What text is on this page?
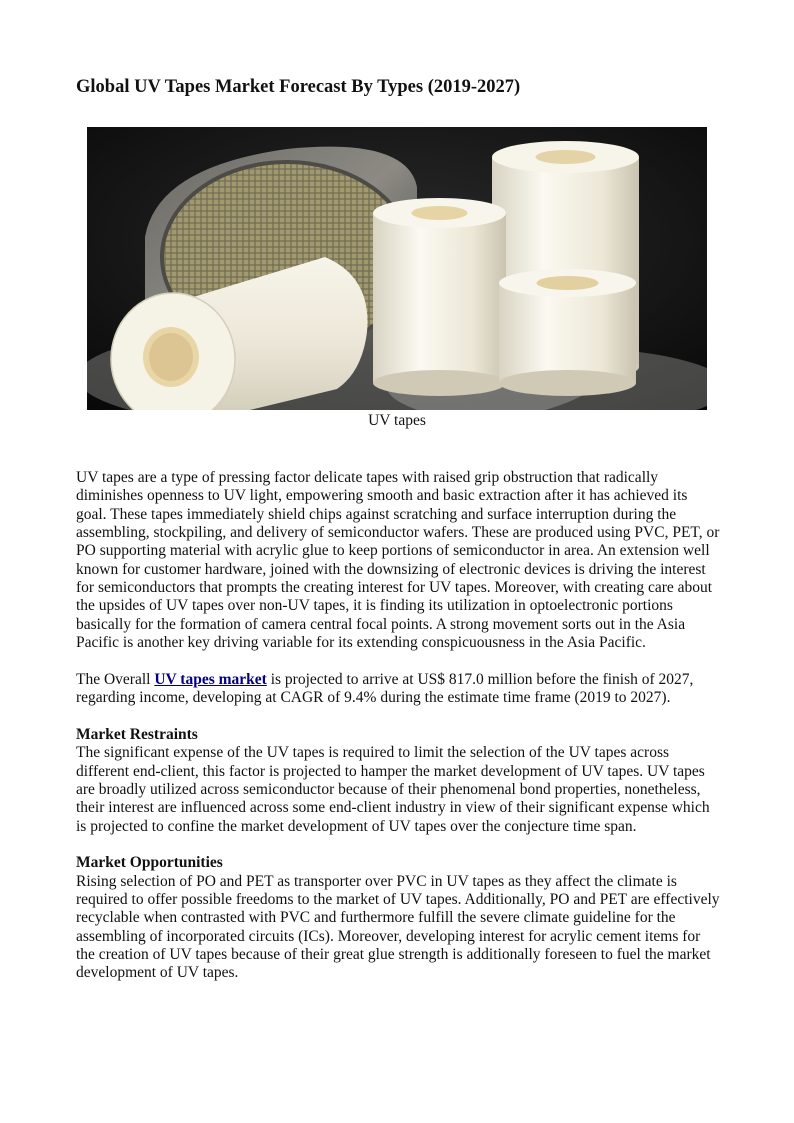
Global UV Tapes Market Forecast By Types (2019-2027)
UV tapes

UV tapes are a type of pressing factor delicate tapes with raised grip obstruction that radically diminishes openness to UV light, empowering smooth and basic extraction after it has achieved its goal. These tapes immediately shield chips against scratching and surface interruption during the assembling, stockpiling, and delivery of semiconductor wafers. These are produced using PVC, PET, or PO supporting material with acrylic glue to keep portions of semiconductor in area. An extension well known for customer hardware, joined with the downsizing of electronic devices is driving the interest for semiconductors that prompts the creating interest for UV tapes. Moreover, with creating care about the upsides of UV tapes over non-UV tapes, it is finding its utilization in optoelectronic portions basically for the formation of camera central focal points. A strong movement sorts out in the Asia Pacific is another key driving variable for its extending conspicuousness in the Asia Pacific.

The Overall UV tapes market is projected to arrive at US$ 817.0 million before the finish of 2027, regarding income, developing at CAGR of 9.4% during the estimate time frame (2019 to 2027).

Market Restraints
The significant expense of the UV tapes is required to limit the selection of the UV tapes across different end-client, this factor is projected to hamper the market development of UV tapes. UV tapes are broadly utilized across semiconductor because of their phenomenal bond properties, nonetheless, their interest are influenced across some end-client industry in view of their significant expense which is projected to confine the market development of UV tapes over the conjecture time span.

Market Opportunities
Rising selection of PO and PET as transporter over PVC in UV tapes as they affect the climate is required to offer possible freedoms to the market of UV tapes. Additionally, PO and PET are effectively recyclable when contrasted with PVC and furthermore fulfill the severe climate guideline for the assembling of incorporated circuits (ICs). Moreover, developing interest for acrylic cement items for the creation of UV tapes because of their great glue strength is additionally foreseen to fuel the market development of UV tapes.
